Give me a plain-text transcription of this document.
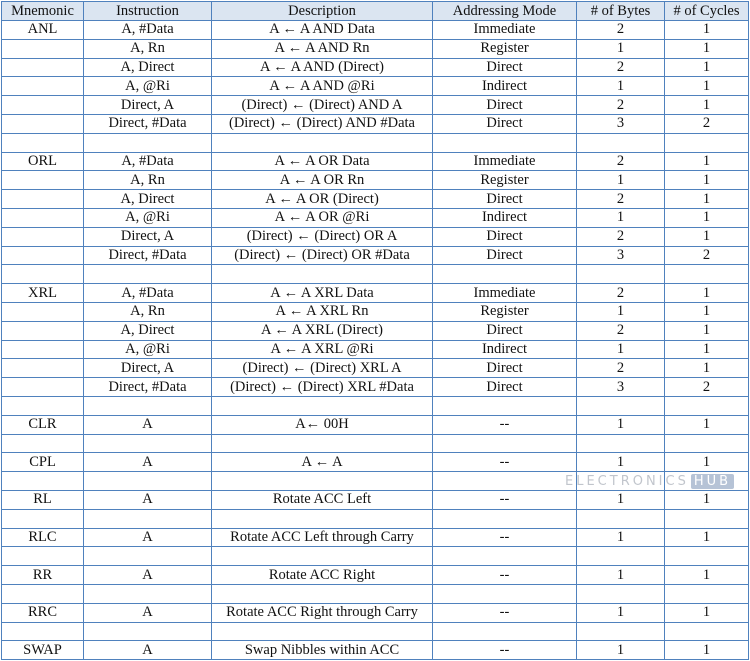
Mnemonic	Instruction	Description	Addressing Mode	# of Bytes	# of Cycles
ANL	A, #Data	A ← A AND Data	Immediate	2	1
	A, Rn	A ← A AND Rn	Register	1	1
	A, Direct	A ← A AND (Direct)	Direct	2	1
	A, @Ri	A ← A AND @Ri	Indirect	1	1
	Direct, A	(Direct) ← (Direct) AND A	Direct	2	1
	Direct, #Data	(Direct) ← (Direct) AND #Data	Direct	3	2

ORL	A, #Data	A ← A OR Data	Immediate	2	1
	A, Rn	A ← A OR Rn	Register	1	1
	A, Direct	A ← A OR (Direct)	Direct	2	1
	A, @Ri	A ← A OR @Ri	Indirect	1	1
	Direct, A	(Direct) ← (Direct) OR A	Direct	2	1
	Direct, #Data	(Direct) ← (Direct) OR #Data	Direct	3	2

XRL	A, #Data	A ← A XRL Data	Immediate	2	1
	A, Rn	A ← A XRL Rn	Register	1	1
	A, Direct	A ← A XRL (Direct)	Direct	2	1
	A, @Ri	A ← A XRL @Ri	Indirect	1	1
	Direct, A	(Direct) ← (Direct) XRL A	Direct	2	1
	Direct, #Data	(Direct) ← (Direct) XRL #Data	Direct	3	2

CLR	A	A← 00H	--	1	1

CPL	A	A ← A	--	1	1

RL	A	Rotate ACC Left	--	1	1

RLC	A	Rotate ACC Left through Carry	--	1	1

RR	A	Rotate ACC Right	--	1	1

RRC	A	Rotate ACC Right through Carry	--	1	1

SWAP	A	Swap Nibbles within ACC	--	1	1
ELECTRONICS HUB
